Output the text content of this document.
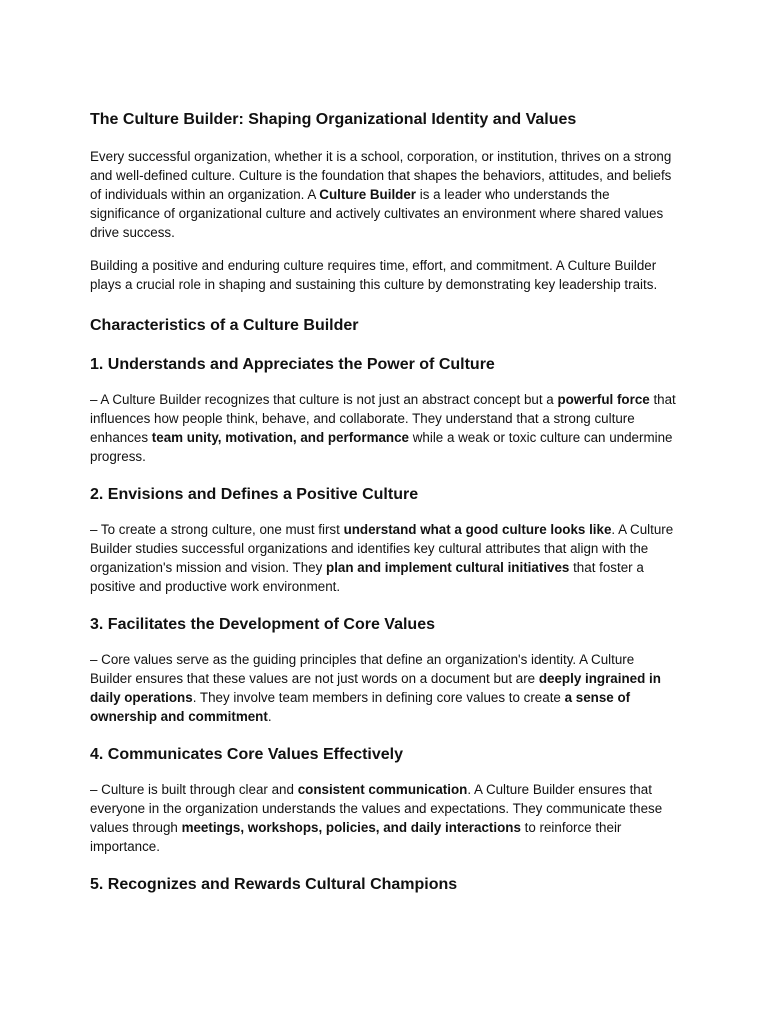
The Culture Builder: Shaping Organizational Identity and Values

Every successful organization, whether it is a school, corporation, or institution, thrives on a strong and well-defined culture. Culture is the foundation that shapes the behaviors, attitudes, and beliefs of individuals within an organization. A Culture Builder is a leader who understands the significance of organizational culture and actively cultivates an environment where shared values drive success.

Building a positive and enduring culture requires time, effort, and commitment. A Culture Builder plays a crucial role in shaping and sustaining this culture by demonstrating key leadership traits.

Characteristics of a Culture Builder
1. Understands and Appreciates the Power of Culture

– A Culture Builder recognizes that culture is not just an abstract concept but a powerful force that influences how people think, behave, and collaborate. They understand that a strong culture enhances team unity, motivation, and performance while a weak or toxic culture can undermine progress.

2. Envisions and Defines a Positive Culture

– To create a strong culture, one must first understand what a good culture looks like. A Culture Builder studies successful organizations and identifies key cultural attributes that align with the organization's mission and vision. They plan and implement cultural initiatives that foster a positive and productive work environment.

3. Facilitates the Development of Core Values

– Core values serve as the guiding principles that define an organization's identity. A Culture Builder ensures that these values are not just words on a document but are deeply ingrained in daily operations. They involve team members in defining core values to create a sense of ownership and commitment.

4. Communicates Core Values Effectively

– Culture is built through clear and consistent communication. A Culture Builder ensures that everyone in the organization understands the values and expectations. They communicate these values through meetings, workshops, policies, and daily interactions to reinforce their importance.

5. Recognizes and Rewards Cultural Champions
